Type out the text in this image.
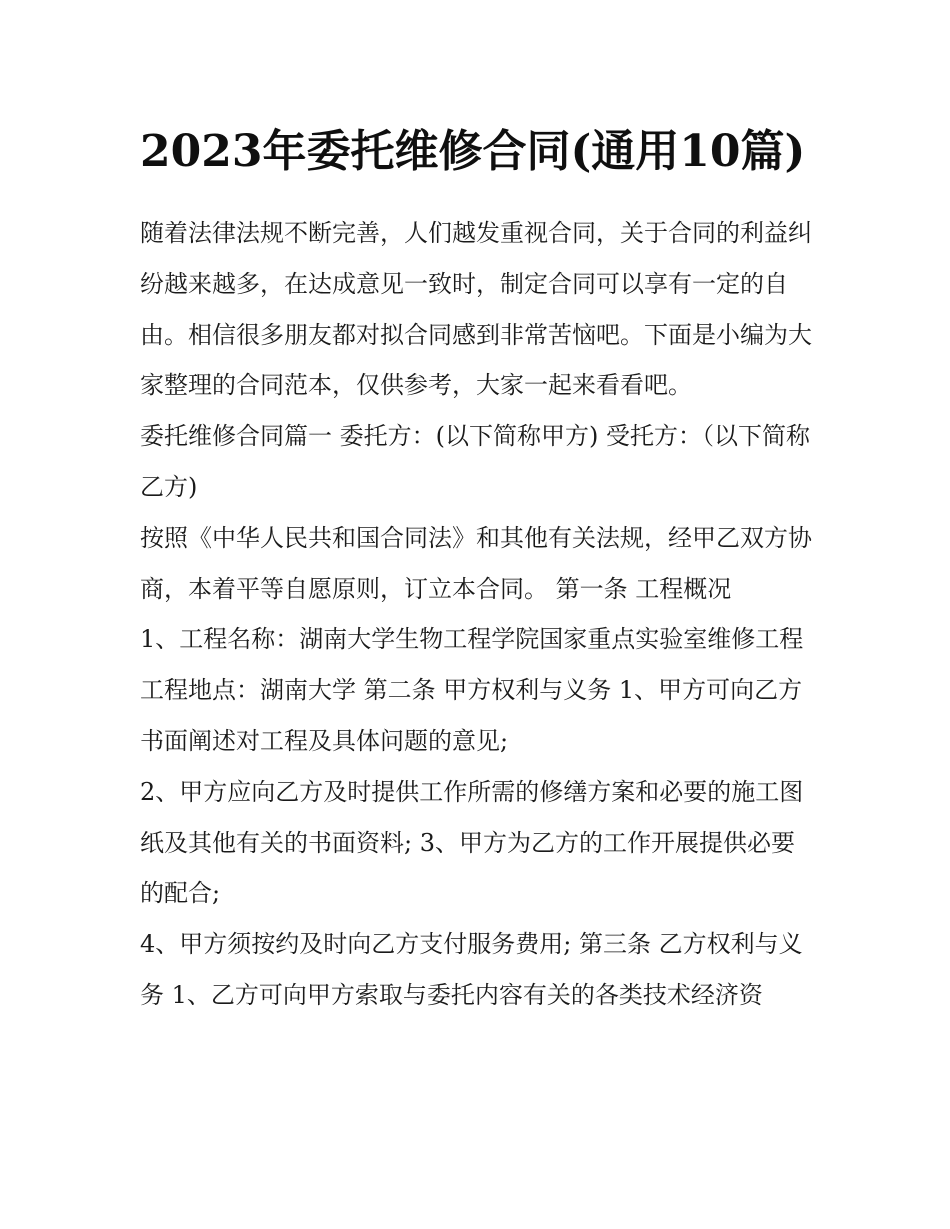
2023年委托维修合同(通用10篇)

随着法律法规不断完善，人们越发重视合同，关于合同的利益纠纷越来越多，在达成意见一致时，制定合同可以享有一定的自由。相信很多朋友都对拟合同感到非常苦恼吧。下面是小编为大家整理的合同范本，仅供参考，大家一起来看看吧。

委托维修合同篇一 委托方：(以下简称甲方) 受托方：（以下简称乙方)

按照《中华人民共和国合同法》和其他有关法规，经甲乙双方协商，本着平等自愿原则，订立本合同。 第一条 工程概况

1、工程名称：湖南大学生物工程学院国家重点实验室维修工程 工程地点：湖南大学 第二条 甲方权利与义务 1、甲方可向乙方书面阐述对工程及具体问题的意见;

2、甲方应向乙方及时提供工作所需的修缮方案和必要的施工图纸及其他有关的书面资料; 3、甲方为乙方的工作开展提供必要的配合;

4、甲方须按约及时向乙方支付服务费用; 第三条 乙方权利与义务 1、乙方可向甲方索取与委托内容有关的各类技术经济资
